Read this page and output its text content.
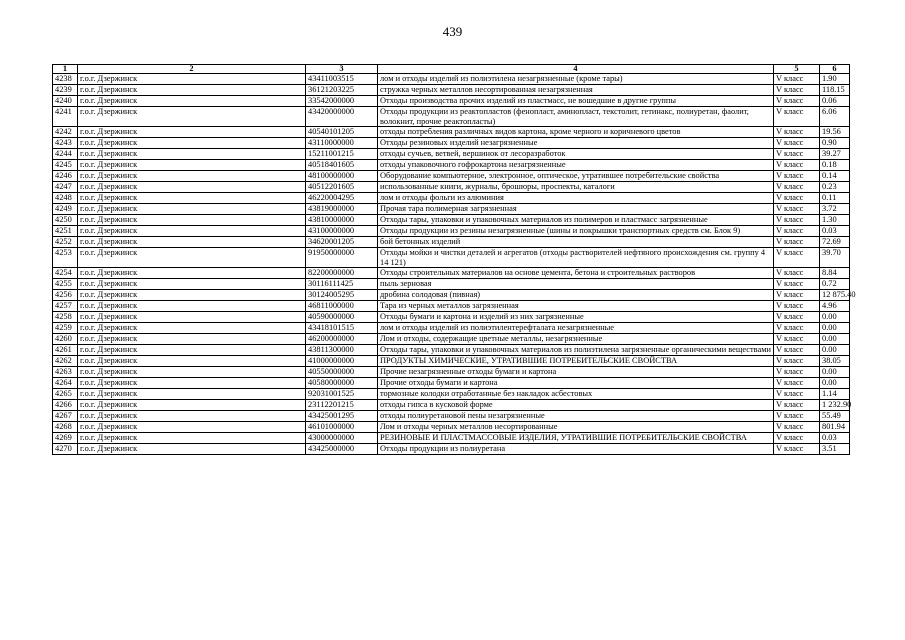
439
1	2	3	4	5	6
4238	г.о.г. Дзержинск	43411003515	лом и отходы изделий из полиэтилена незагрязненные (кроме тары)	V класс	1.90
4239	г.о.г. Дзержинск	36121203225	стружка черных металлов несортированная незагрязненная	V класс	118.15
4240	г.о.г. Дзержинск	33542000000	Отходы производства прочих изделий из пластмасс, не вошедшие в другие группы	V класс	0.06
4241	г.о.г. Дзержинск	43420000000	Отходы продукции из реактопластов (фенопласт, аминопласт, текстолит, гетинакс, полиуретан, фаолит, волокнит, прочие реактопласты)	V класс	6.06
4242	г.о.г. Дзержинск	40540101205	отходы потребления различных видов картона, кроме черного и коричневого цветов	V класс	19.56
4243	г.о.г. Дзержинск	43110000000	Отходы резиновых изделий незагрязненные	V класс	0.90
4244	г.о.г. Дзержинск	15211001215	отходы сучьев, ветвей, вершинок от лесоразработок	V класс	39.27
4245	г.о.г. Дзержинск	40518401605	отходы упаковочного гофрокартона незагрязненные	V класс	0.18
4246	г.о.г. Дзержинск	48100000000	Оборудование компьютерное, электронное, оптическое, утратившее потребительские свойства	V класс	0.14
4247	г.о.г. Дзержинск	40512201605	использованные книги, журналы, брошюры, проспекты, каталоги	V класс	0.23
4248	г.о.г. Дзержинск	46220004295	лом и отходы фольги из алюминия	V класс	0.11
4249	г.о.г. Дзержинск	43819000000	Прочая тара полимерная загрязненная	V класс	3.72
4250	г.о.г. Дзержинск	43810000000	Отходы тары, упаковки и упаковочных материалов из полимеров и пластмасс загрязненные	V класс	1.30
4251	г.о.г. Дзержинск	43100000000	Отходы продукции из резины незагрязненные (шины и покрышки транспортных средств см. Блок 9)	V класс	0.03
4252	г.о.г. Дзержинск	34620001205	бой бетонных изделий	V класс	72.69
4253	г.о.г. Дзержинск	91950000000	Отходы мойки и чистки деталей и агрегатов (отходы растворителей нефтяного происхождения см. группу 4 14 121)	V класс	39.70
4254	г.о.г. Дзержинск	82200000000	Отходы строительных материалов на основе цемента, бетона и строительных растворов	V класс	8.84
4255	г.о.г. Дзержинск	30116111425	пыль зерновая	V класс	0.72
4256	г.о.г. Дзержинск	30124005295	дробина солодовая (пивная)	V класс	12 875.40
4257	г.о.г. Дзержинск	46811000000	Тара из черных металлов загрязненная	V класс	4.96
4258	г.о.г. Дзержинск	40590000000	Отходы бумаги и картона и изделий из них загрязненные	V класс	0.00
4259	г.о.г. Дзержинск	43418101515	лом и отходы изделий из полиэтилентерефталата незагрязненные	V класс	0.00
4260	г.о.г. Дзержинск	46200000000	Лом и отходы, содержащие цветные металлы, незагрязненные	V класс	0.00
4261	г.о.г. Дзержинск	43811300000	Отходы тары, упаковки и упаковочных материалов из полиэтилена загрязненные органическими веществами	V класс	0.00
4262	г.о.г. Дзержинск	41000000000	ПРОДУКТЫ ХИМИЧЕСКИЕ, УТРАТИВШИЕ ПОТРЕБИТЕЛЬСКИЕ СВОЙСТВА	V класс	38.05
4263	г.о.г. Дзержинск	40550000000	Прочие незагрязненные отходы бумаги и картона	V класс	0.00
4264	г.о.г. Дзержинск	40580000000	Прочие отходы бумаги и картона	V класс	0.00
4265	г.о.г. Дзержинск	92031001525	тормозные колодки отработанные без накладок асбестовых	V класс	1.14
4266	г.о.г. Дзержинск	23112201215	отходы гипса в кусковой форме	V класс	1 232.90
4267	г.о.г. Дзержинск	43425001295	отходы полиуретановой пены незагрязненные	V класс	55.49
4268	г.о.г. Дзержинск	46101000000	Лом и отходы черных металлов несортированные	V класс	801.94
4269	г.о.г. Дзержинск	43000000000	РЕЗИНОВЫЕ И ПЛАСТМАССОВЫЕ ИЗДЕЛИЯ, УТРАТИВШИЕ ПОТРЕБИТЕЛЬСКИЕ СВОЙСТВА	V класс	0.03
4270	г.о.г. Дзержинск	43425000000	Отходы продукции из полиуретана	V класс	3.51
